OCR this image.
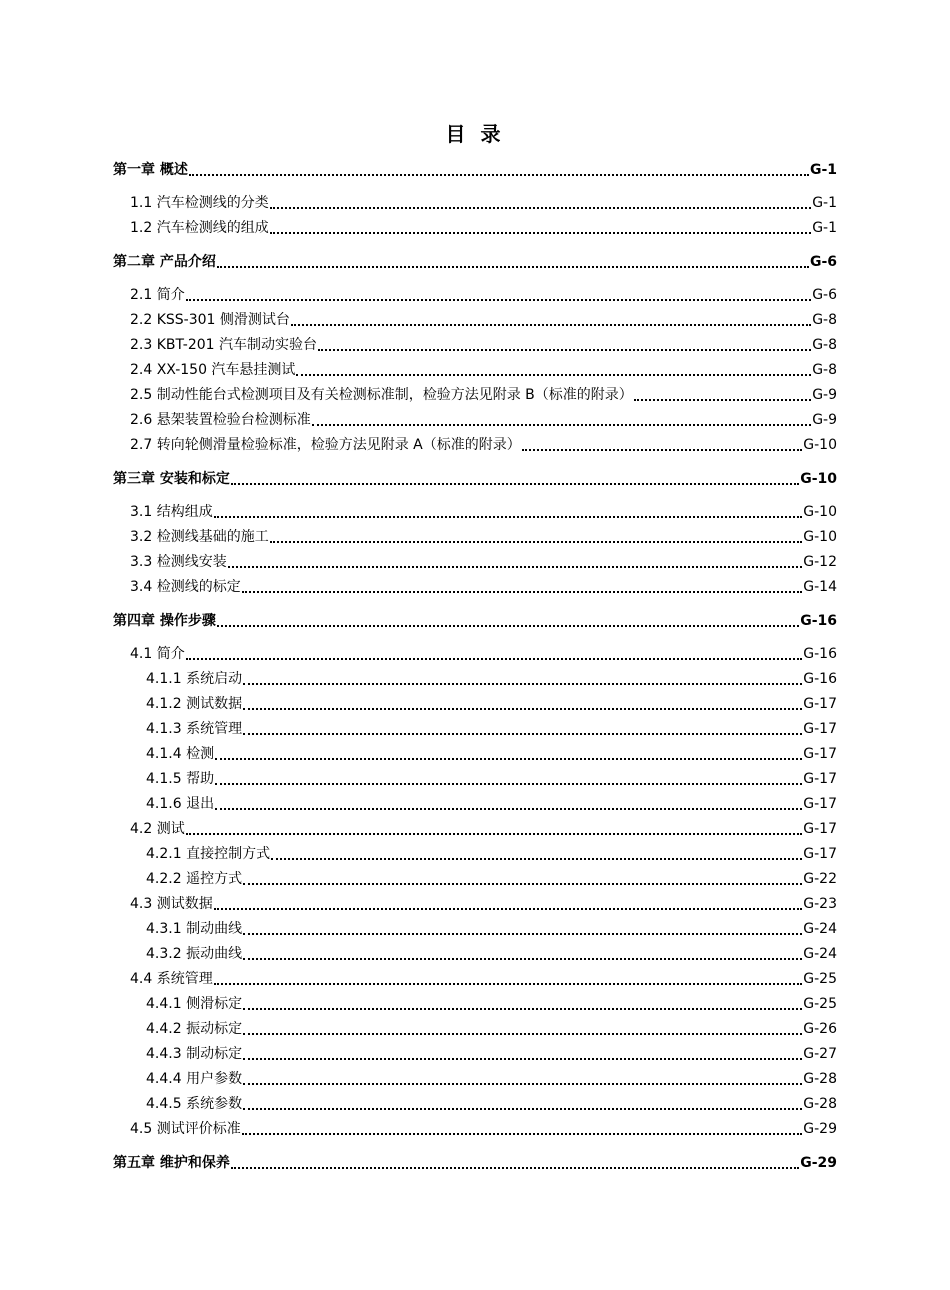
目 录
第一章 概述	G-1
1.1 汽车检测线的分类	G-1
1.2 汽车检测线的组成	G-1
第二章 产品介绍	G-6
2.1 简介	G-6
2.2 KSS-301 侧滑测试台	G-8
2.3 KBT-201 汽车制动实验台	G-8
2.4 XX-150 汽车悬挂测试	G-8
2.5 制动性能台式检测项目及有关检测标准制，检验方法见附录 B（标准的附录）	G-9
2.6 悬架装置检验台检测标准	G-9
2.7 转向轮侧滑量检验标准，检验方法见附录 A（标准的附录）	G-10
第三章 安装和标定	G-10
3.1 结构组成	G-10
3.2 检测线基础的施工	G-10
3.3 检测线安装	G-12
3.4 检测线的标定	G-14
第四章 操作步骤	G-16
4.1 简介	G-16
4.1.1 系统启动	G-16
4.1.2 测试数据	G-17
4.1.3 系统管理	G-17
4.1.4 检测	G-17
4.1.5 帮助	G-17
4.1.6 退出	G-17
4.2 测试	G-17
4.2.1 直接控制方式	G-17
4.2.2 遥控方式	G-22
4.3 测试数据	G-23
4.3.1 制动曲线	G-24
4.3.2 振动曲线	G-24
4.4 系统管理	G-25
4.4.1 侧滑标定	G-25
4.4.2 振动标定	G-26
4.4.3 制动标定	G-27
4.4.4 用户参数	G-28
4.4.5 系统参数	G-28
4.5 测试评价标准	G-29
第五章 维护和保养	G-29
